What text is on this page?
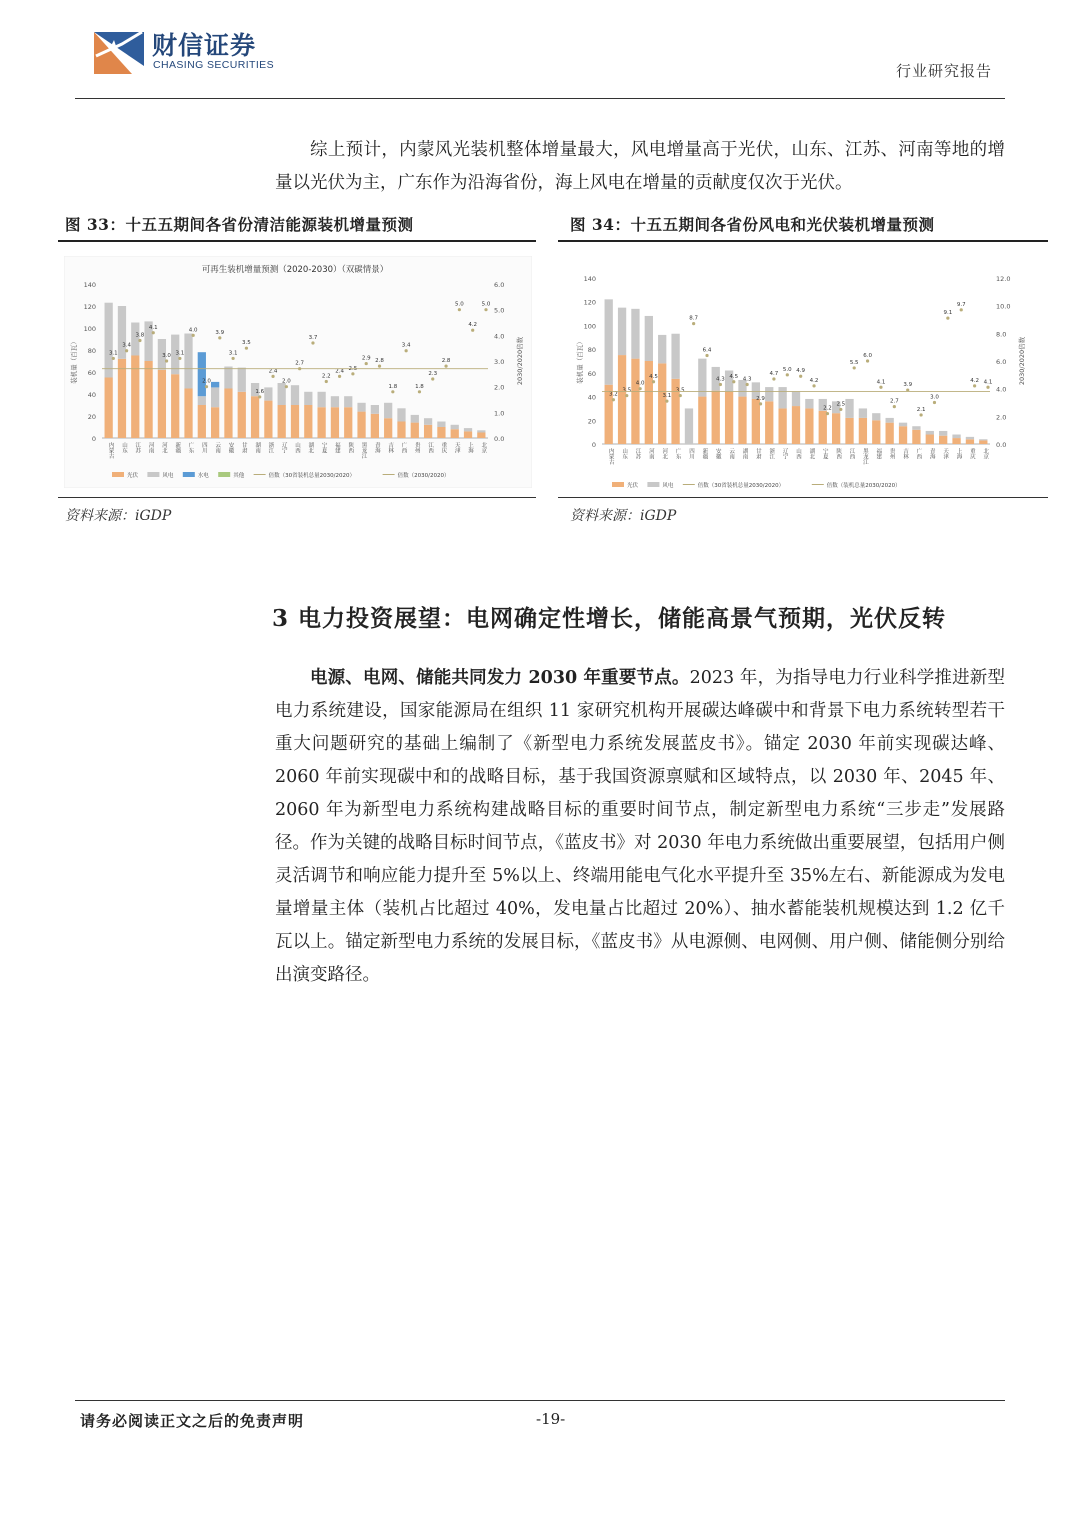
财信证券
CHASING SECURITIES	行业研究报告

综上预计，内蒙风光装机整体增量最大，风电增量高于光伏，山东、江苏、河南等地的增量以光伏为主，广东作为沿海省份，海上风电在增量的贡献度仅次于光伏。

图 33：十五五期间各省份清洁能源装机增量预测	图 34：十五五期间各省份风电和光伏装机增量预测
可再生装机增量预测（2020-2030）（双碳情景）
0
20
40
60
80
100
120
140
0.0
1.0
2.0
3.0
4.0
5.0
6.0
装机量（百瓦）	2030/2020倍数
内蒙古 山东 江苏 河南 河北 新疆 广东 四川 云南 安徽 甘肃 湖南 浙江 辽宁 山西 湖北 宁夏 福建 陕西 黑龙江 青海 吉林 广西 贵州 江西 重庆 天津 上海 北京
3.1
3.4
3.8
4.1
3.0 3.1
4.0
2.0
3.9
3.1
3.5
1.6
2.4
2.0
2.7
3.7
2.2
2.4 2.5
2.9 2.8
1.8
3.4
1.8
2.3
2.8
5.0
4.2
5.0
光伏	风电	水电	其他	倍数（30省装机总量2030/2020）	倍数（2030/2020）
资料来源：iGDP
0
20
40
60
80
100
120
140
0.0
2.0
4.0
6.0
8.0
10.0
12.0
装机量（百瓦）	2030/2020倍数
内蒙古 山东 江苏 河南 河北 广东 四川 新疆 安徽 云南 湖南 甘肃 浙江 辽宁 山西 湖北 宁夏 陕西 江西 黑龙江 福建 贵州 吉林 广西 青海 天津 上海 重庆 北京
3.2
3.5
4.0
4.5
3.1
3.5
8.7
6.4
4.3 4.5 4.3
2.9
4.7
5.0 4.9
4.2
2.2
2.5
5.5
6.0
4.1
2.7
3.9
2.1
3.0
9.1
9.7
4.2 4.1
光伏	风电	倍数（30省装机总量2030/2020）	倍数（装机总量2030/2020）
资料来源：iGDP
3 电力投资展望：电网确定性增长，储能高景气预期，光伏反转

电源、电网、储能共同发力 2030 年重要节点。2023 年，为指导电力行业科学推进新型电力系统建设，国家能源局在组织 11 家研究机构开展碳达峰碳中和背景下电力系统转型若干重大问题研究的基础上编制了《新型电力系统发展蓝皮书》。锚定 2030 年前实现碳达峰、2060 年前实现碳中和的战略目标，基于我国资源禀赋和区域特点，以 2030 年、2045 年、2060 年为新型电力系统构建战略目标的重要时间节点，制定新型电力系统“三步走”发展路径。作为关键的战略目标时间节点，《蓝皮书》对 2030 年电力系统做出重要展望，包括用户侧灵活调节和响应能力提升至 5%以上、终端用能电气化水平提升至 35%左右、新能源成为发电量增量主体（装机占比超过 40%，发电量占比超过 20%）、抽水蓄能装机规模达到 1.2 亿千瓦以上。锚定新型电力系统的发展目标，《蓝皮书》从电源侧、电网侧、用户侧、储能侧分别给出演变路径。

请务必阅读正文之后的免责声明	-19-
